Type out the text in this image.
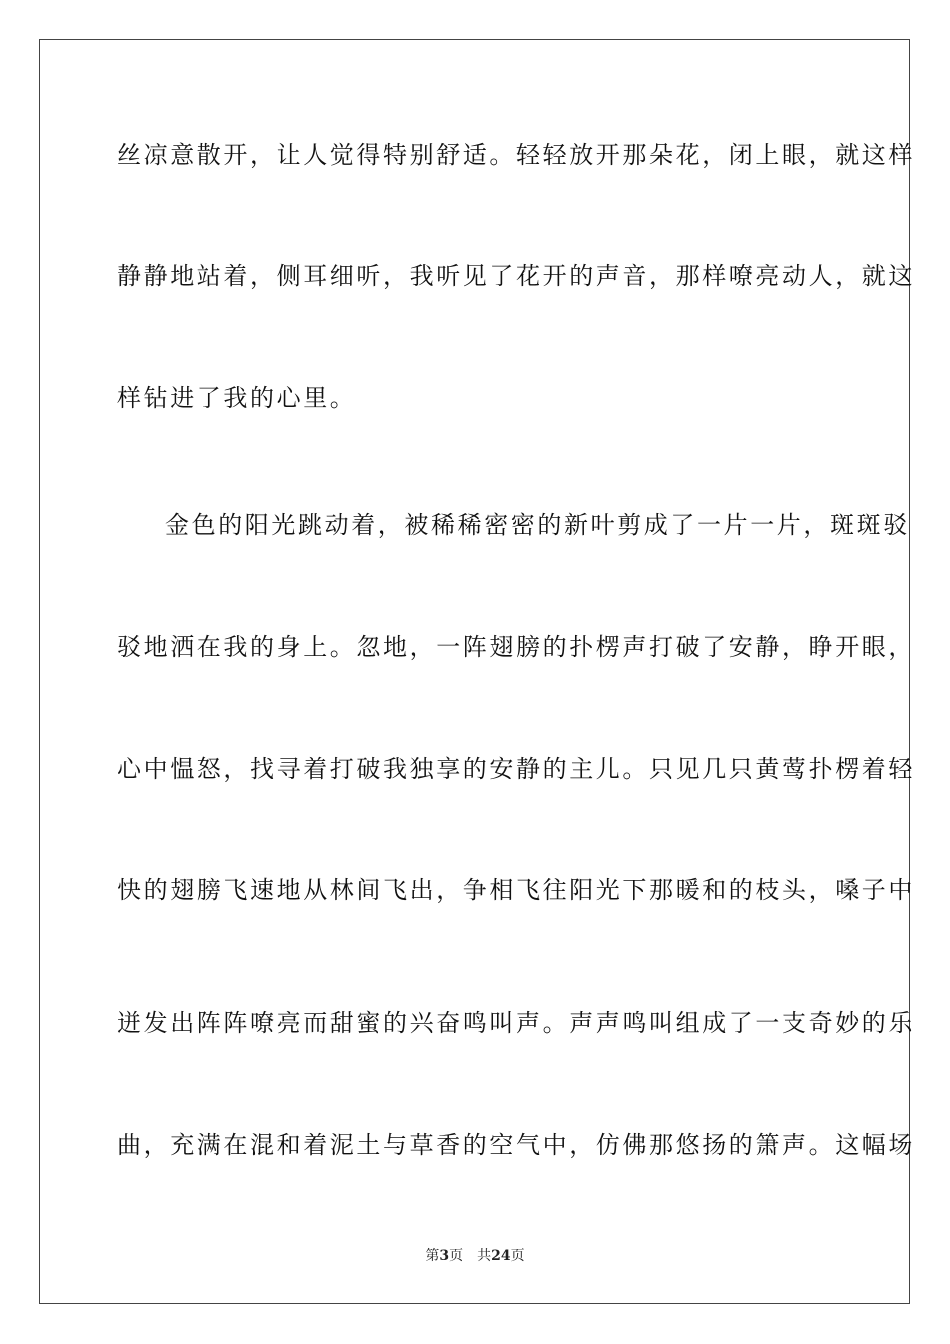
丝凉意散开，让人觉得特别舒适。轻轻放开那朵花，闭上眼，就这样
静静地站着，侧耳细听，我听见了花开的声音，那样嘹亮动人，就这
样钻进了我的心里。
金色的阳光跳动着，被稀稀密密的新叶剪成了一片一片，斑斑驳
驳地洒在我的身上。忽地，一阵翅膀的扑楞声打破了安静，睁开眼，
心中愠怒，找寻着打破我独享的安静的主儿。只见几只黄莺扑楞着轻
快的翅膀飞速地从林间飞出，争相飞往阳光下那暖和的枝头，嗓子中
迸发出阵阵嘹亮而甜蜜的兴奋鸣叫声。声声鸣叫组成了一支奇妙的乐
曲，充满在混和着泥土与草香的空气中，仿佛那悠扬的箫声。这幅场
第3页 共24页
